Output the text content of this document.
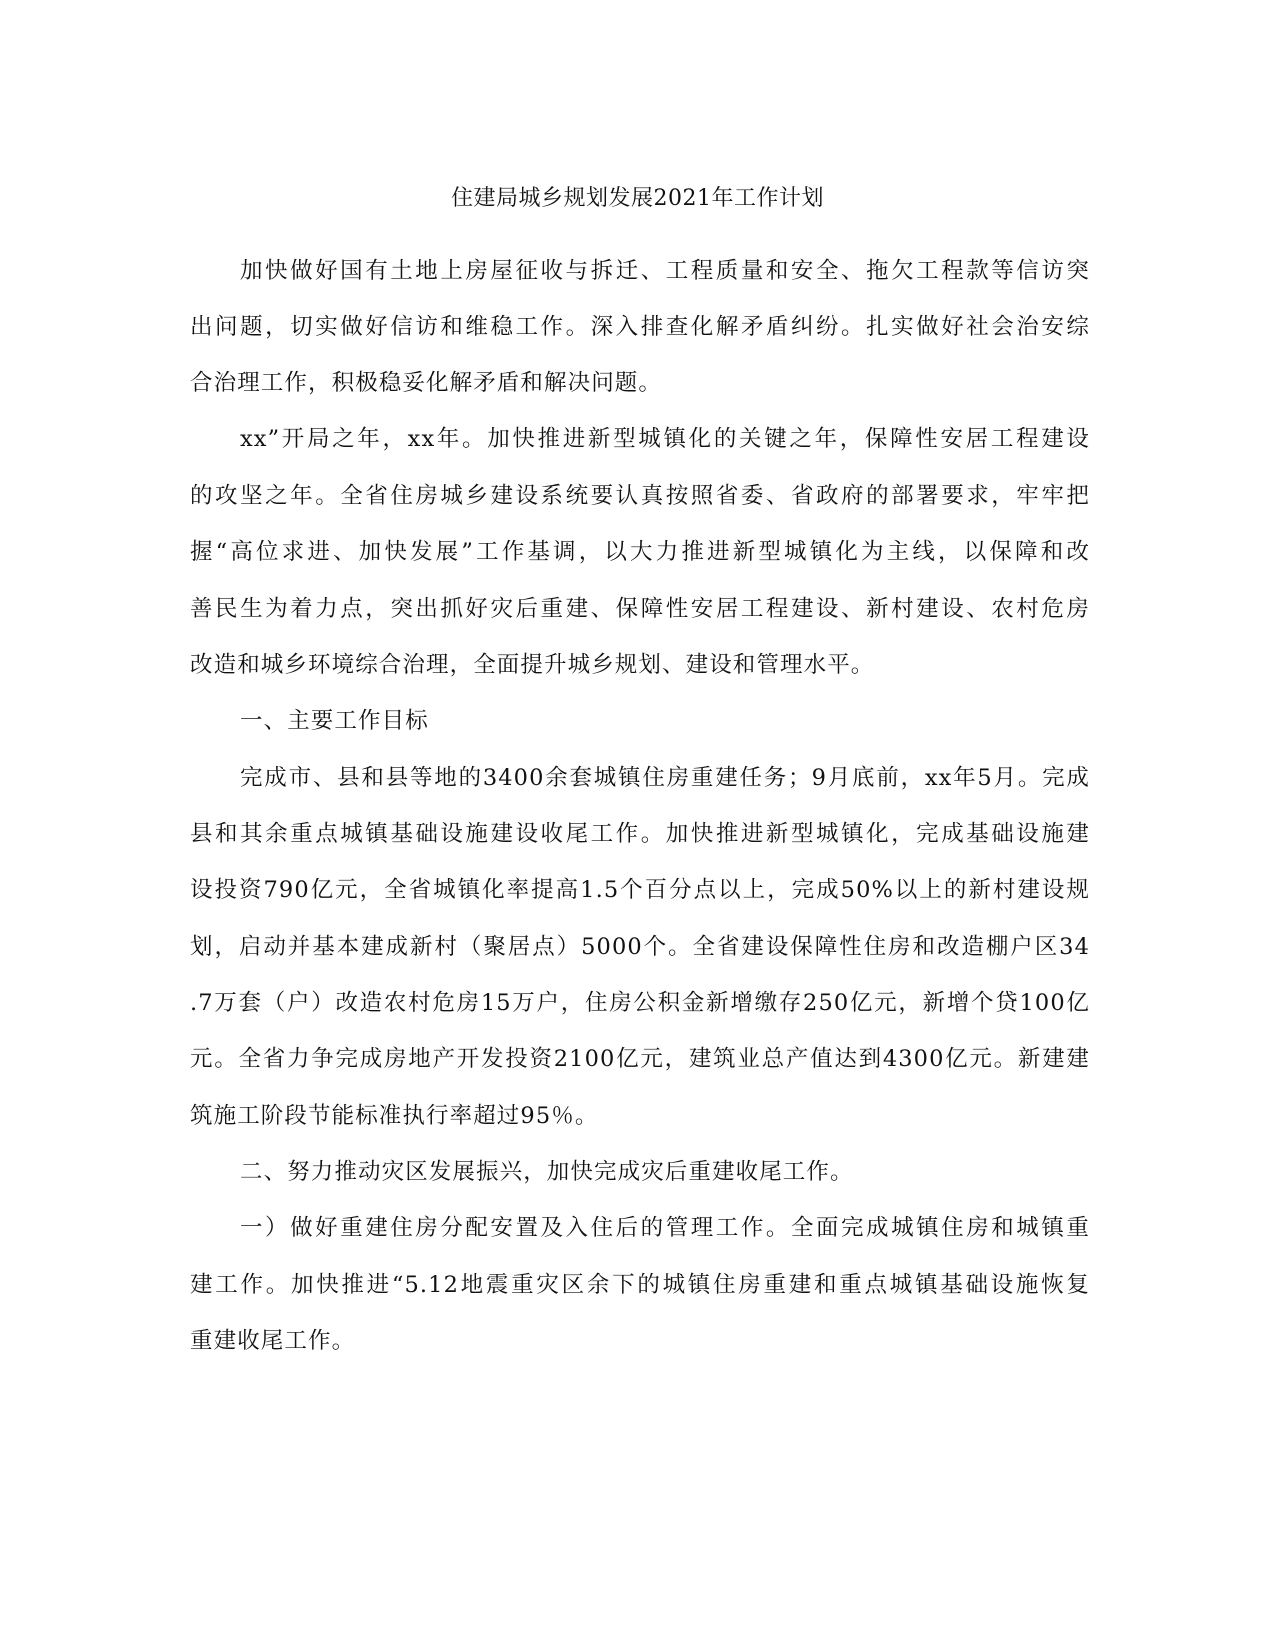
住建局城乡规划发展2021年工作计划
加快做好国有土地上房屋征收与拆迁、工程质量和安全、拖欠工程款等信访突
出问题，切实做好信访和维稳工作。深入排查化解矛盾纠纷。扎实做好社会治安综
合治理工作，积极稳妥化解矛盾和解决问题。
xx”开局之年，xx年。加快推进新型城镇化的关键之年，保障性安居工程建设
的攻坚之年。全省住房城乡建设系统要认真按照省委、省政府的部署要求，牢牢把
握“高位求进、加快发展”工作基调，以大力推进新型城镇化为主线，以保障和改
善民生为着力点，突出抓好灾后重建、保障性安居工程建设、新村建设、农村危房
改造和城乡环境综合治理，全面提升城乡规划、建设和管理水平。
一、主要工作目标
完成市、县和县等地的3400余套城镇住房重建任务；9月底前，xx年5月。完成
县和其余重点城镇基础设施建设收尾工作。加快推进新型城镇化，完成基础设施建
设投资790亿元，全省城镇化率提高1.5个百分点以上，完成50%以上的新村建设规
划，启动并基本建成新村（聚居点）5000个。全省建设保障性住房和改造棚户区34
.7万套（户）改造农村危房15万户，住房公积金新增缴存250亿元，新增个贷100亿
元。全省力争完成房地产开发投资2100亿元，建筑业总产值达到4300亿元。新建建
筑施工阶段节能标准执行率超过95％。
二、努力推动灾区发展振兴，加快完成灾后重建收尾工作。
一）做好重建住房分配安置及入住后的管理工作。全面完成城镇住房和城镇重
建工作。加快推进“5.12地震重灾区余下的城镇住房重建和重点城镇基础设施恢复
重建收尾工作。
